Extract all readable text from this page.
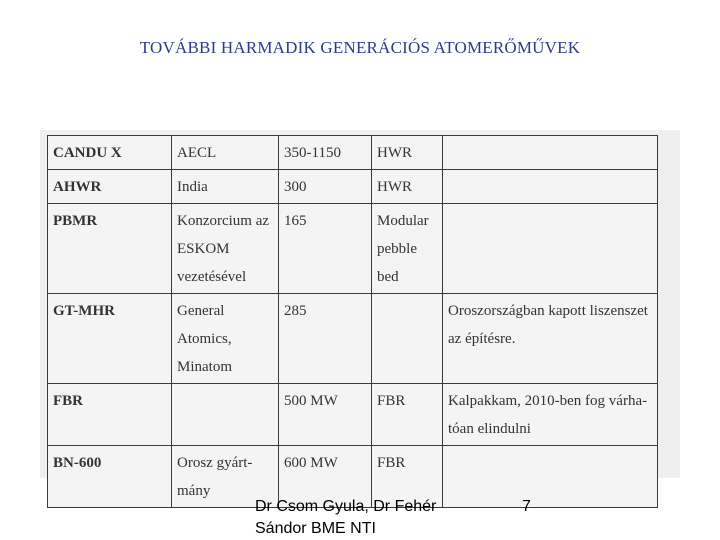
TOVÁBBI HARMADIK GENERÁCIÓS ATOMERŐMŰVEK
CANDU X	AECL	350-1150	HWR	
AHWR	India	300	HWR	
PBMR	Konzorcium az ESKOM vezetésével	165	Modular pebble bed	
GT-MHR	General Atomics, Minatom	285		Oroszországban kapott liszenszet az építésre.
FBR		500 MW	FBR	Kalpakkam, 2010-ben fog várha-tóan elindulni
BN-600	Orosz gyárt-mány	600 MW	FBR	
Dr Csom Gyula, Dr Fehér Sándor BME NTI
7
